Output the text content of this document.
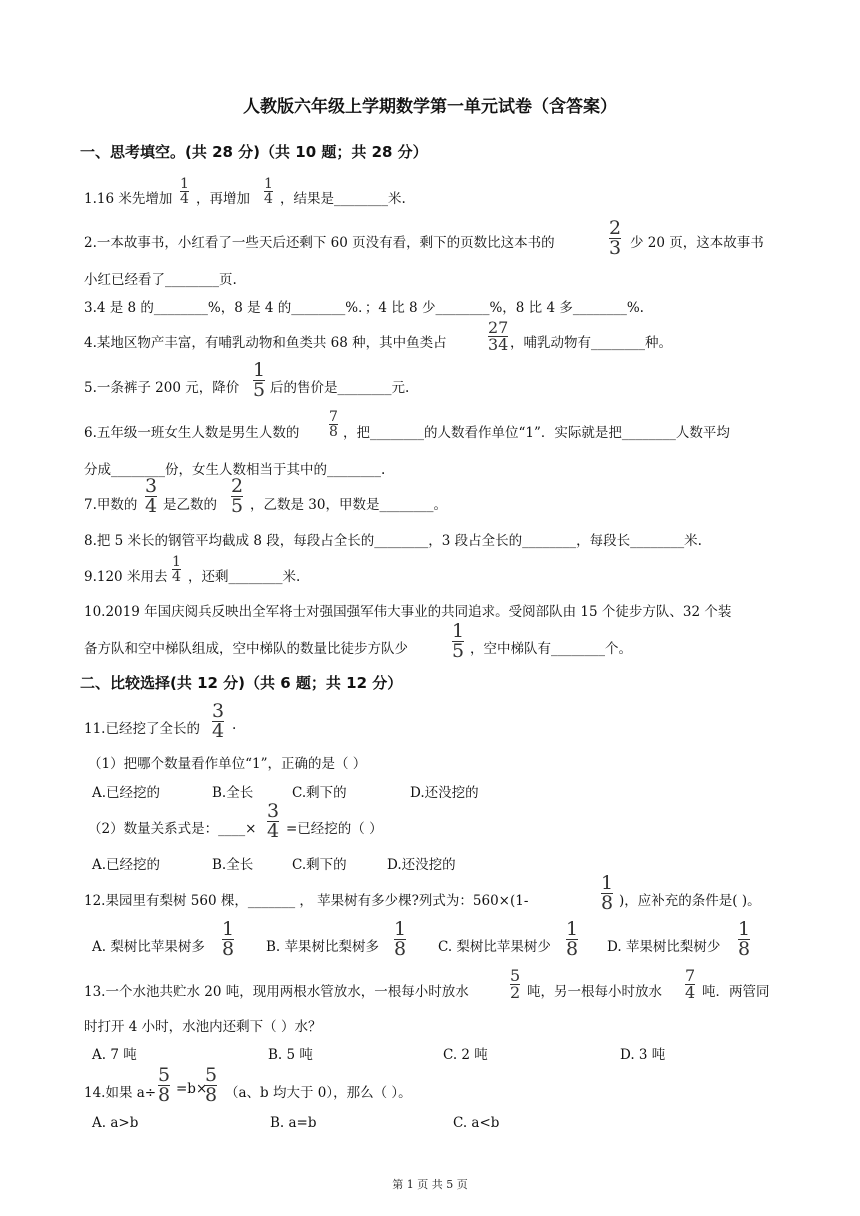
人教版六年级上学期数学第一单元试卷（含答案）
一、思考填空。(共 28 分)（共 10 题；共 28 分）
1.16 米先增加
1
4 ，再增加
1
4 ，结果是________米.
2.一本故事书，小红看了一些天后还剩下 60 页没有看，剩下的页数比这本书的
2
3 少 20 页，这本故事书
小红已经看了________页.
3.4 是 8 的________%，8 是 4 的________%．；4 比 8 少________%，8 比 4 多________%.
4.某地区物产丰富，有哺乳动物和鱼类共 68 种，其中鱼类占
27
34 ，哺乳动物有________种。
5.一条裤子 200 元，降价
1
5 后的售价是________元.
6.五年级一班女生人数是男生人数的
7
8 ，把________的人数看作单位“1”．实际就是把________人数平均
分成________份，女生人数相当于其中的________.
7.甲数的
3
4 是乙数的
2
5 ，乙数是 30，甲数是________。
8.把 5 米长的钢管平均截成 8 段，每段占全长的________，3 段占全长的________，每段长________米.
9.120 米用去
1
4 ，还剩________米.
10.2019 年国庆阅兵反映出全军将士对强国强军伟大事业的共同追求。受阅部队由 15 个徒步方队、32 个装
备方队和空中梯队组成，空中梯队的数量比徒步方队少
1
5 ，空中梯队有________个。
二、比较选择(共 12 分)（共 6 题；共 12 分）
11.已经挖了全长的
3
4 .
（1）把哪个数量看作单位“1”，正确的是（ ）
A.已经挖的	B.全长	C.剩下的	D.还没挖的
（2）数量关系式是：____×
3
4 =已经挖的（ ）
A.已经挖的	B.全长	C.剩下的	D.还没挖的
12.果园里有梨树 560 棵，_______ ， 苹果树有多少棵?列式为：560×(1-
1
8 )，应补充的条件是( )。
A. 梨树比苹果树多
1
8 B. 苹果树比梨树多
1
8 C. 梨树比苹果树少
1
8 D. 苹果树比梨树少
1
8
13.一个水池共贮水 20 吨，现用两根水管放水，一根每小时放水
5
2 吨，另一根每小时放水
7
4 吨．两管同
时打开 4 小时，水池内还剩下（ ）水？
A. 7 吨	B. 5 吨	C. 2 吨	D. 3 吨
14.如果 a÷
5
8 =b×
5
8 （a、b 均大于 0），那么（ ）。
A. a>b	B. a=b	C. a<b
第 1 页 共 5 页
